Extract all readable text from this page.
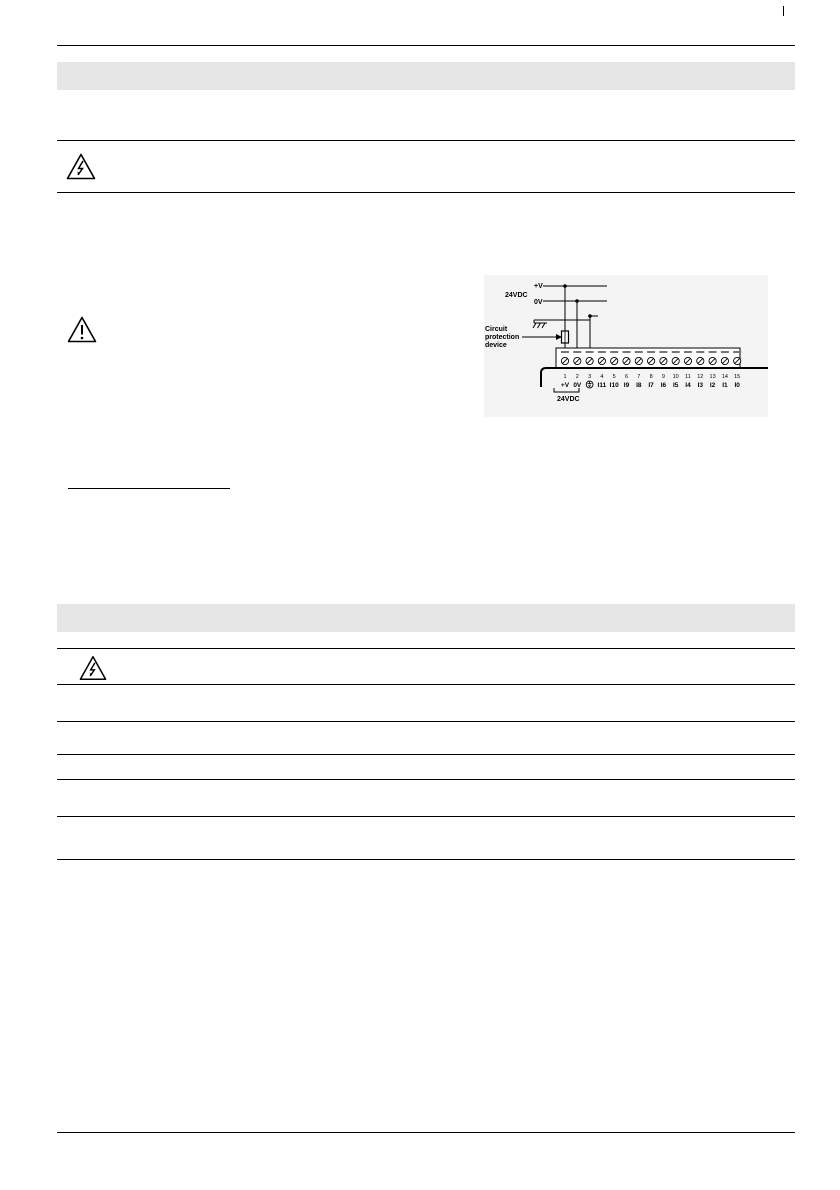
+V
24VDC
0V
Circuit
protection
device
1
+V
2
0V
3 4
I11
5
I10
6
I9
7
I8
8
I7
9
I6
10
I5
11
I4
12
I3
13
I2
14
I1
15
I0
24VDC
